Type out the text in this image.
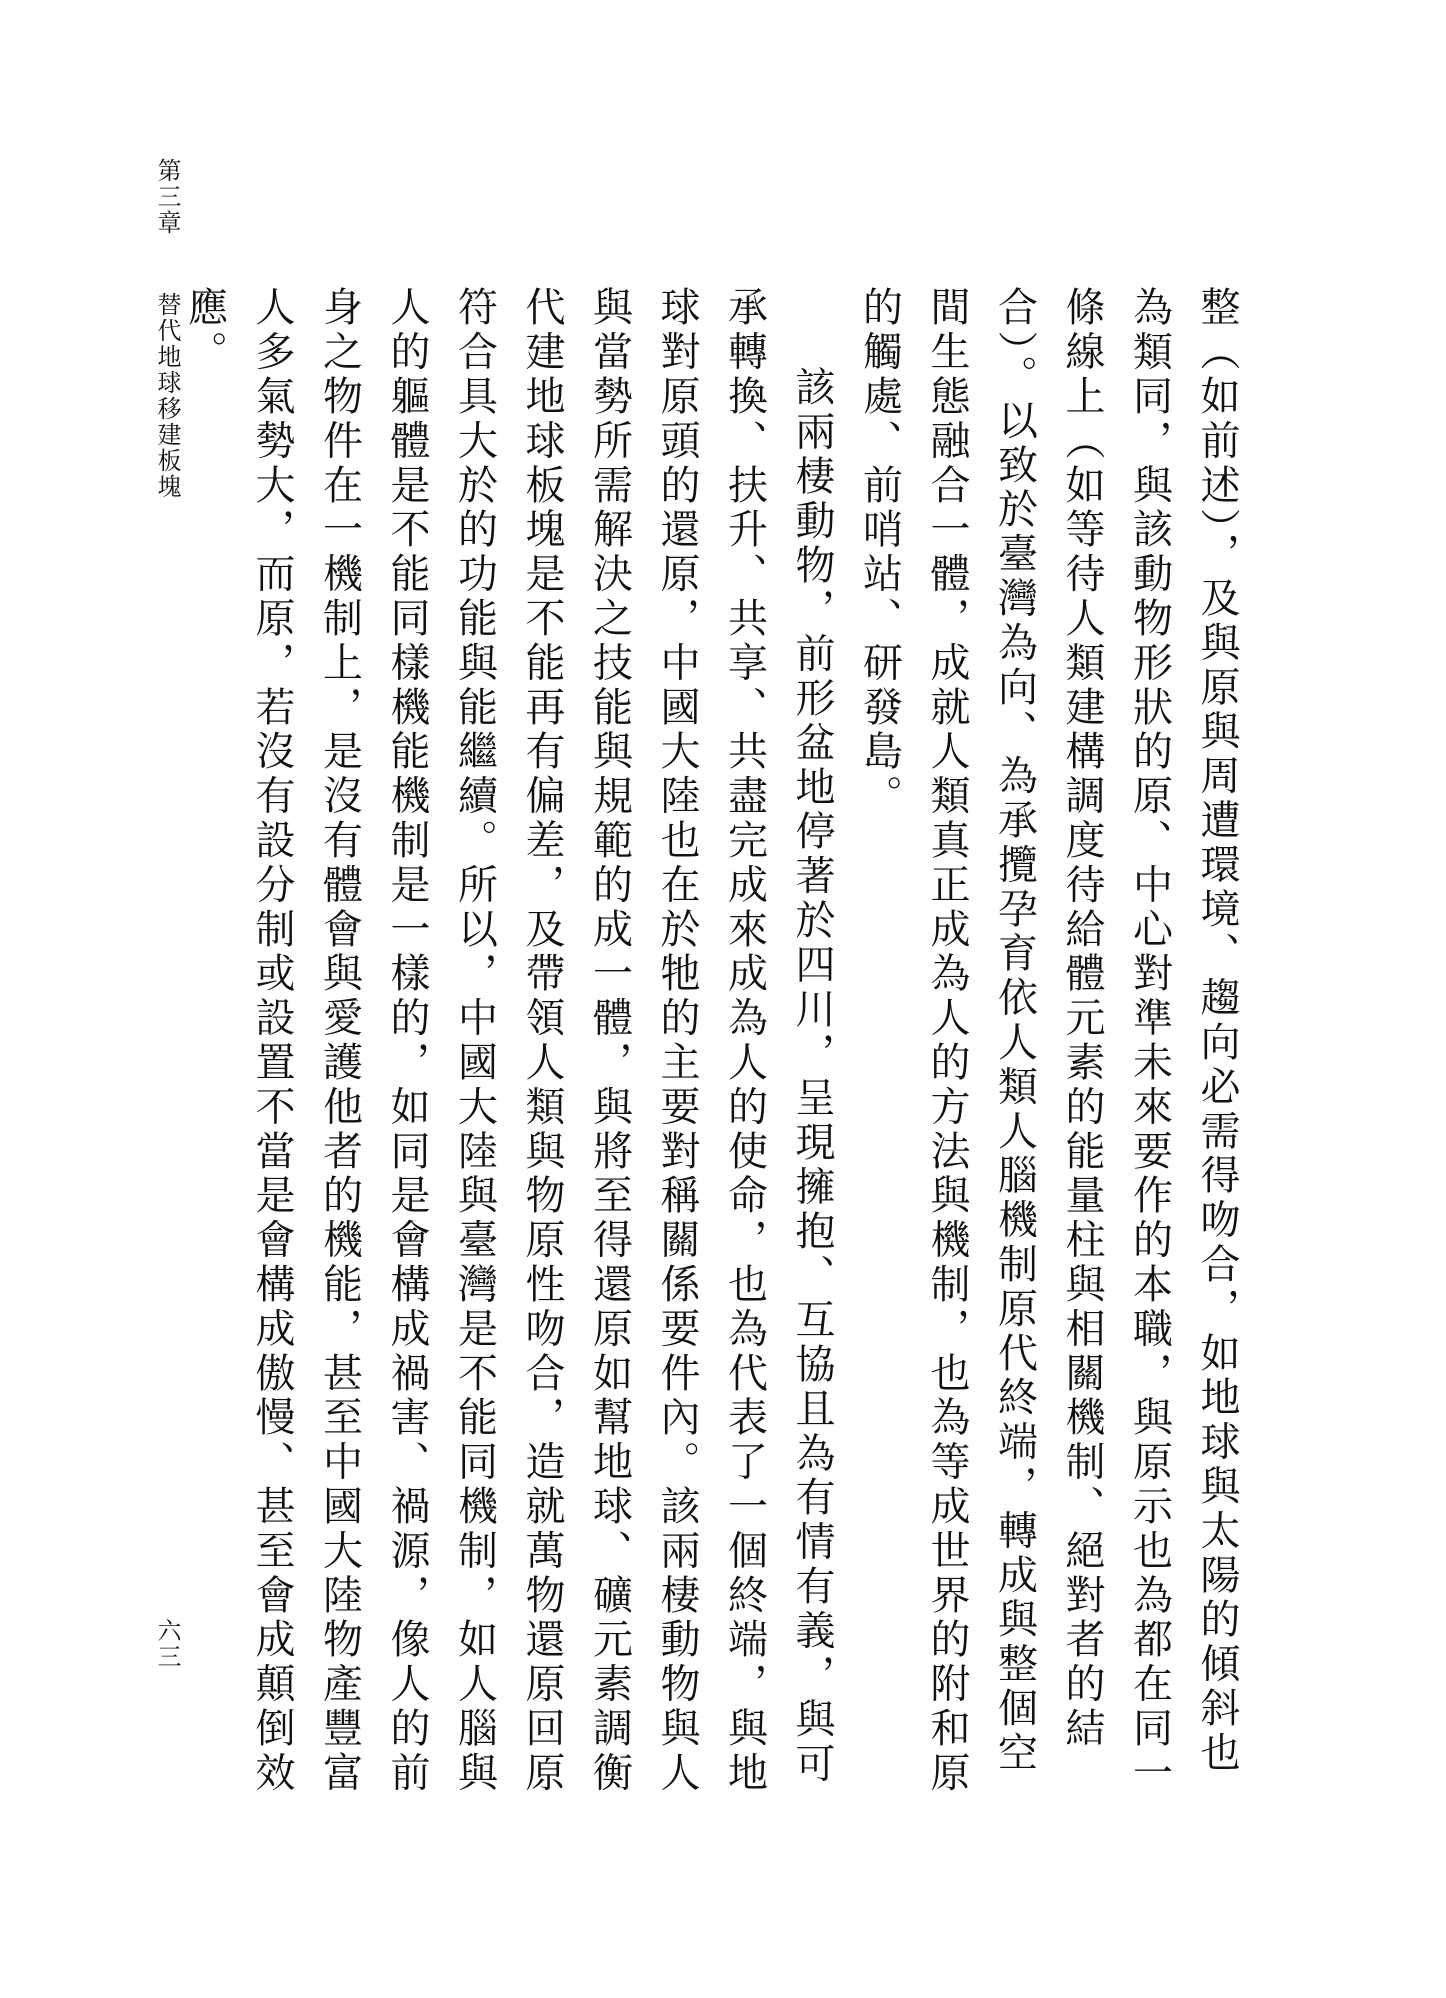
第三章
替代地球移建板塊
六三	整（如前述），及與原與周遭環境、趨向必需得吻合，如地球與太陽的傾斜也為類同，與該動物形狀的原、中心對準未來要作的本職，與原示也為都在同一條線上（如等待人類建構調度待給體元素的能量柱與相關機制、絕對者的結合）。以致於臺灣為向、為承攬孕育依人類人腦機制原代終端，轉成與整個空間生態融合一體，成就人類真正成為人的方法與機制，也為等成世界的附和原的觸處、前哨站、研發島。

該兩棲動物，前形盆地停著於四川，呈現擁抱、互協且為有情有義，與可承轉換、扶升、共享、共盡完成來成為人的使命，也為代表了一個終端，與地球對原頭的還原，中國大陸也在於牠的主要對稱關係要件內。該兩棲動物與人與當勢所需解決之技能與規範的成一體，與將至得還原如幫地球、礦元素調衡代建地球板塊是不能再有偏差，及帶領人類與物原性吻合，造就萬物還原回原符合具大於的功能與能繼續。所以，中國大陸與臺灣是不能同機制，如人腦與人的軀體是不能同樣機能機制是一樣的，如同是會構成禍害、禍源，像人的前身之物件在一機制上，是沒有體會與愛護他者的機能，甚至中國大陸物產豐富人多氣勢大，而原，若沒有設分制或設置不當是會構成傲慢、甚至會成顛倒效應。
